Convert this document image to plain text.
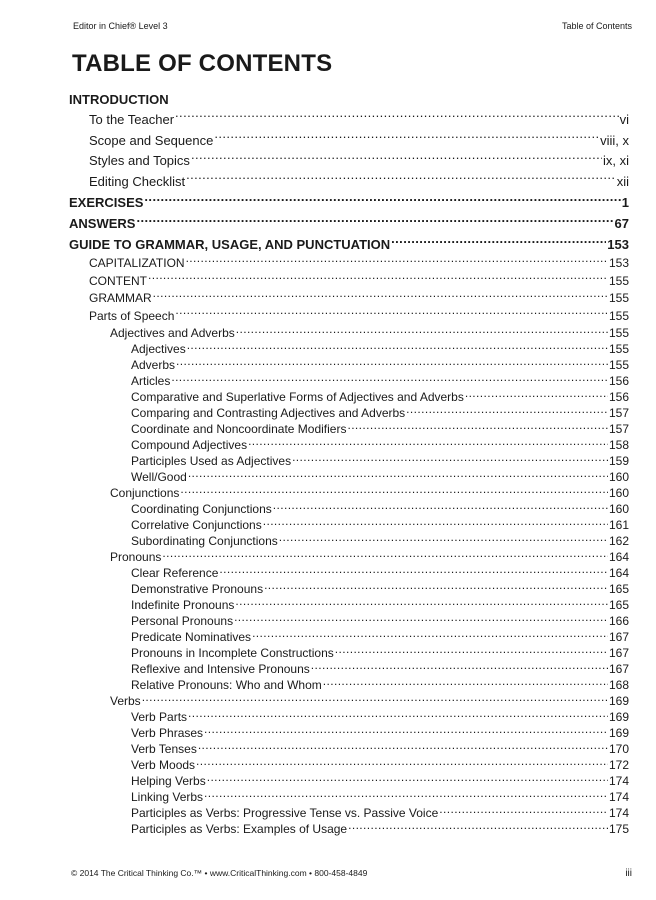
Editor in Chief® Level 3	Table of Contents
TABLE OF CONTENTS
INTRODUCTION
To the Teacher .....	vi
Scope and Sequence .....	viii, x
Styles and Topics .....	ix, xi
Editing Checklist .....	xii
EXERCISES .....	1
ANSWERS .....	67
GUIDE TO GRAMMAR, USAGE, AND PUNCTUATION .....	153
CAPITALIZATION .....	153
CONTENT .....	155
GRAMMAR .....	155
Parts of Speech .....	155
Adjectives and Adverbs .....	155
Adjectives .....	155
Adverbs .....	155
Articles .....	156
Comparative and Superlative Forms of Adjectives and Adverbs .....	156
Comparing and Contrasting Adjectives and Adverbs .....	157
Coordinate and Noncoordinate Modifiers .....	157
Compound Adjectives .....	158
Participles Used as Adjectives .....	159
Well/Good .....	160
Conjunctions .....	160
Coordinating Conjunctions .....	160
Correlative Conjunctions .....	161
Subordinating Conjunctions .....	162
Pronouns .....	164
Clear Reference .....	164
Demonstrative Pronouns .....	165
Indefinite Pronouns .....	165
Personal Pronouns .....	166
Predicate Nominatives .....	167
Pronouns in Incomplete Constructions .....	167
Reflexive and Intensive Pronouns .....	167
Relative Pronouns: Who and Whom .....	168
Verbs .....	169
Verb Parts .....	169
Verb Phrases .....	169
Verb Tenses .....	170
Verb Moods .....	172
Helping Verbs .....	174
Linking Verbs .....	174
Participles as Verbs: Progressive Tense vs. Passive Voice .....	174
Participles as Verbs: Examples of Usage .....	175
© 2014 The Critical Thinking Co.™ • www.CriticalThinking.com • 800-458-4849	iii
